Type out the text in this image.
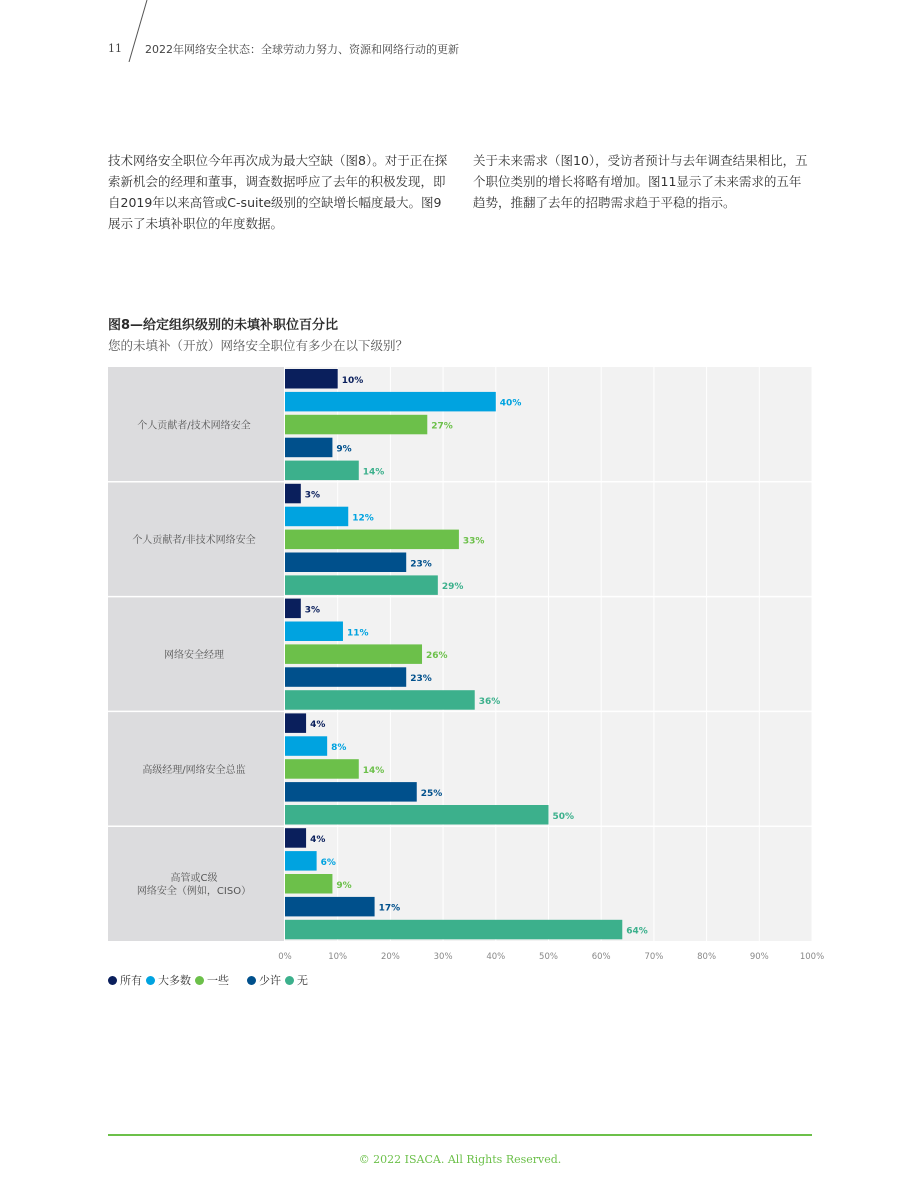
11 2022年网络安全状态：全球劳动力努力、资源和网络行动的更新
技术网络安全职位今年再次成为最大空缺（图8）。对于正在探索新机会的经理和董事，调查数据呼应了去年的积极发现，即自2019年以来高管或C-suite级别的空缺增长幅度最大。图9展示了未填补职位的年度数据。
关于未来需求（图10），受访者预计与去年调查结果相比，五个职位类别的增长将略有增加。图11显示了未来需求的五年趋势，推翻了去年的招聘需求趋于平稳的指示。
图8—给定组织级别的未填补职位百分比
您的未填补（开放）网络安全职位有多少在以下级别？
0%	10%	20%	30%	40%	50%	60%	70%	80%	90%	100%
个人贡献者/技术网络安全
个人贡献者/非技术网络安全
网络安全经理
高级经理/网络安全总监
高管或C级
网络安全（例如，CISO）
10%
40%
27%
9%
14%
3%
12%
33%
23%
29%
3%
11%
26%
23%
36%
4%
8%
14%
25%
50%
4%
6%
9%
17%
64%
所有 大多数 一些	少许 无
© 2022 ISACA. All Rights Reserved.
